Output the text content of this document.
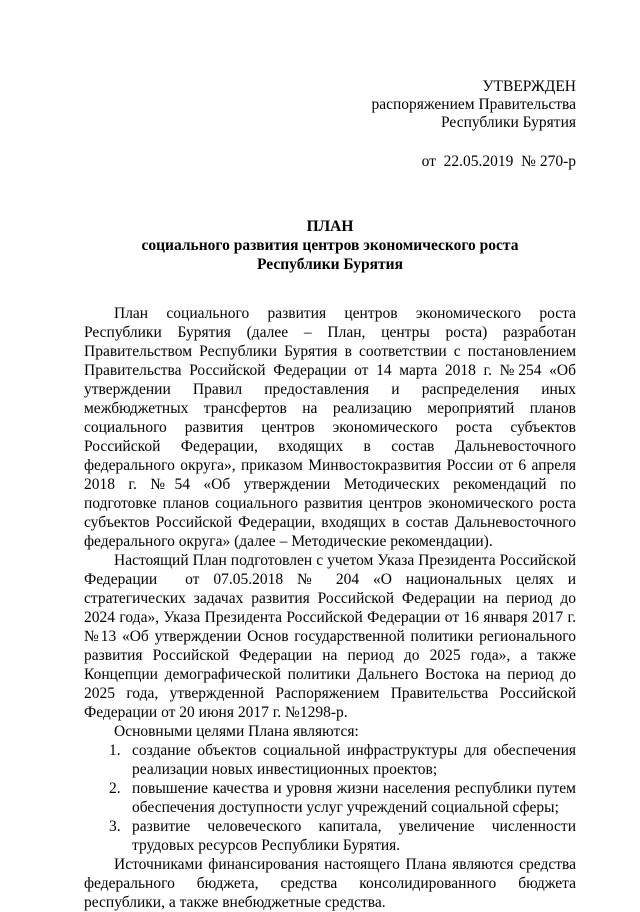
УТВЕРЖДЕН
распоряжением Правительства
Республики Бурятия
от  22.05.2019  № 270-р
ПЛАН
социального развития центров экономического роста
Республики Бурятия

План социального развития центров экономического роста Республики Бурятия (далее – План, центры роста) разработан Правительством Республики Бурятия в соответствии с постановлением Правительства Российской Федерации от 14 марта 2018 г. №254 «Об утверждении Правил предоставления и распределения иных межбюджетных трансфертов на реализацию мероприятий планов социального развития центров экономического роста субъектов Российской Федерации, входящих в состав Дальневосточного федерального округа», приказом Минвостокразвития России от 6 апреля 2018 г. №54 «Об утверждении Методических рекомендаций по подготовке планов социального развития центров экономического роста субъектов Российской Федерации, входящих в состав Дальневосточного федерального округа» (далее – Методические рекомендации).

Настоящий План подготовлен с учетом Указа Президента Российской Федерации  от 07.05.2018 № 204 «О национальных целях и стратегических задачах развития Российской Федерации на период до 2024 года», Указа Президента Российской Федерации от 16 января 2017 г. №13 «Об утверждении Основ государственной политики регионального развития Российской Федерации на период до 2025 года», а также Концепции демографической политики Дальнего Востока на период до 2025 года, утвержденной Распоряжением Правительства Российской Федерации от 20 июня 2017 г. №1298-р.

Основными целями Плана являются:

1. создание объектов социальной инфраструктуры для обеспечения реализации новых инвестиционных проектов;
2. повышение качества и уровня жизни населения республики путем обеспечения доступности услуг учреждений социальной сферы;
3. развитие человеческого капитала, увеличение численности трудовых ресурсов Республики Бурятия.

Источниками финансирования настоящего Плана являются средства федерального бюджета, средства консолидированного бюджета республики, а также внебюджетные средства.
